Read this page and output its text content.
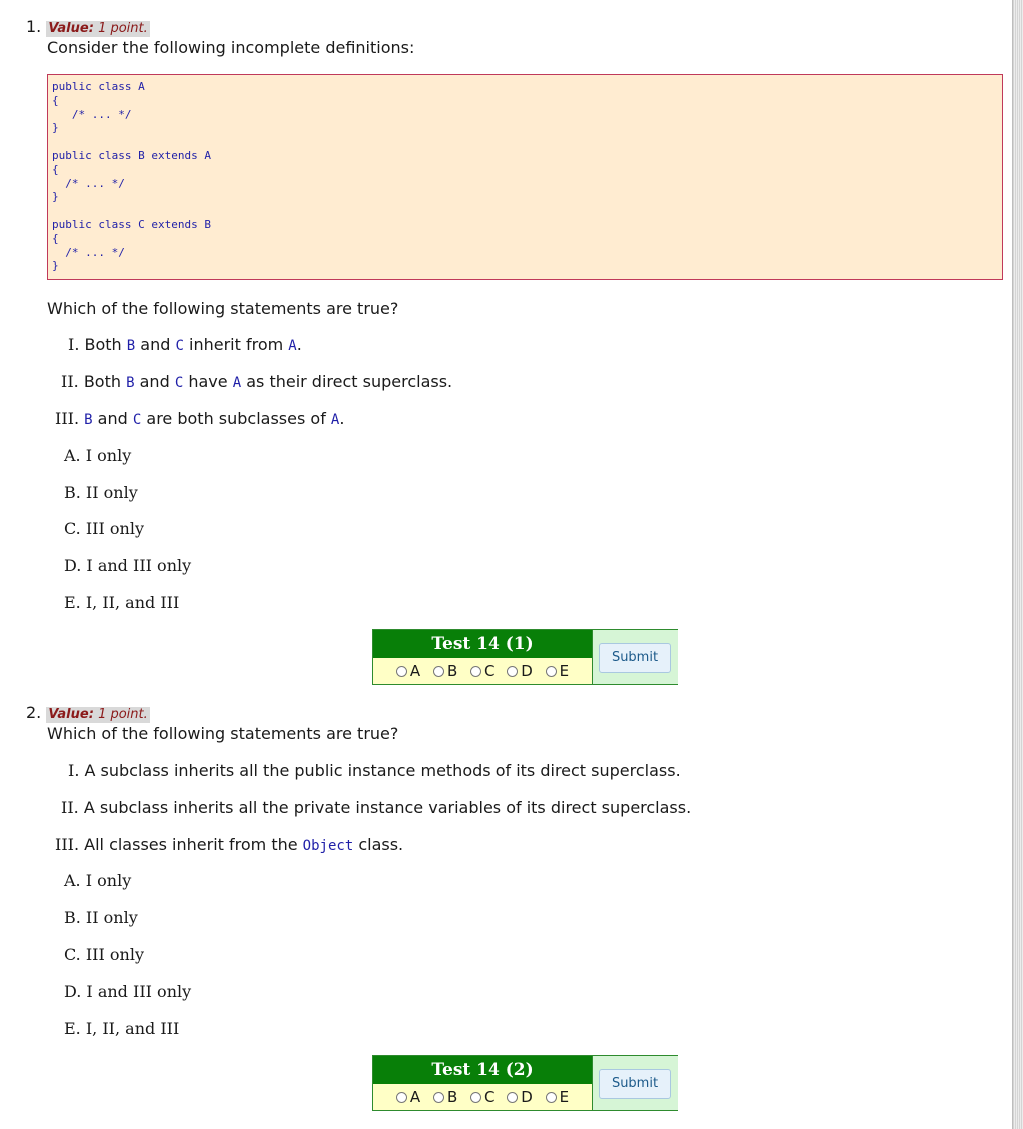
1. Value: 1 point.
Consider the following incomplete definitions:
public class A
{
/* ... */
}

public class B extends A
{
/* ... */
}

public class C extends B
{
/* ... */
}
Which of the following statements are true?
I. Both B and C inherit from A.
II. Both B and C have A as their direct superclass.
III. B and C are both subclasses of A.
A. I only
B. II only
C. III only
D. I and III only
E. I, II, and III
Test 14 (1)
A B C D E
Submit
2. Value: 1 point.
Which of the following statements are true?
I. A subclass inherits all the public instance methods of its direct superclass.
II. A subclass inherits all the private instance variables of its direct superclass.
III. All classes inherit from the Object class.
A. I only
B. II only
C. III only
D. I and III only
E. I, II, and III
Test 14 (2)
A B C D E
Submit
